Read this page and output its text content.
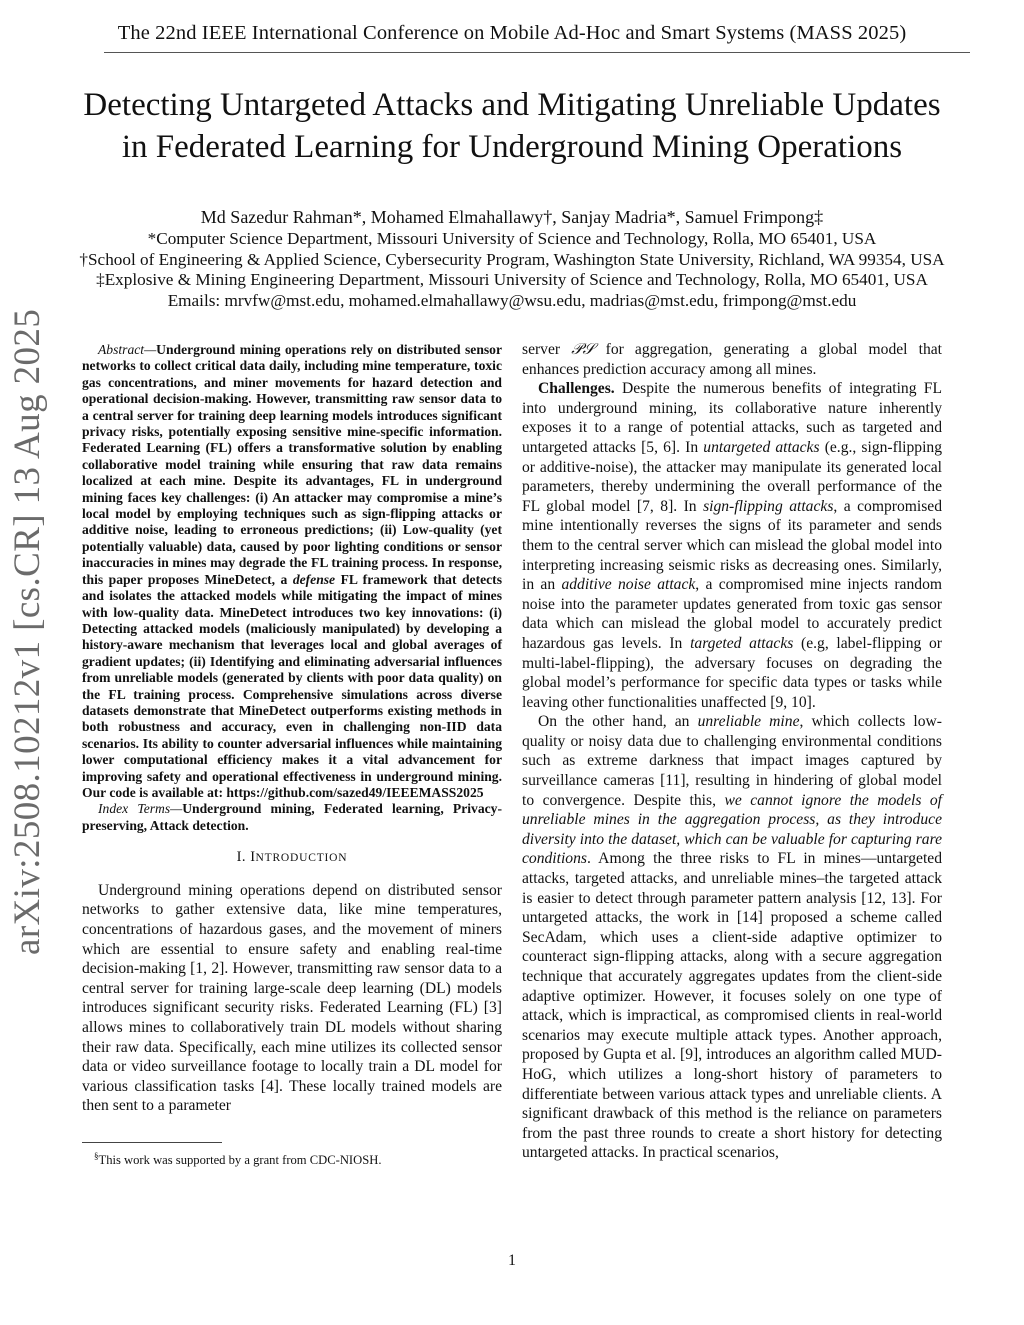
The 22nd IEEE International Conference on Mobile Ad-Hoc and Smart Systems (MASS 2025)
Detecting Untargeted Attacks and Mitigating Unreliable Updates
in Federated Learning for Underground Mining Operations
Md Sazedur Rahman*, Mohamed Elmahallawy†, Sanjay Madria*, Samuel Frimpong‡
*Computer Science Department, Missouri University of Science and Technology, Rolla, MO 65401, USA
†School of Engineering & Applied Science, Cybersecurity Program, Washington State University, Richland, WA 99354, USA
‡Explosive & Mining Engineering Department, Missouri University of Science and Technology, Rolla, MO 65401, USA
Emails: mrvfw@mst.edu, mohamed.elmahallawy@wsu.edu, madrias@mst.edu, frimpong@mst.edu
arXiv:2508.10212v1 [cs.CR] 13 Aug 2025	Abstract—Underground mining operations rely on distributed sensor networks to collect critical data daily, including mine temperature, toxic gas concentrations, and miner movements for hazard detection and operational decision-making. However, transmitting raw sensor data to a central server for training deep learning models introduces significant privacy risks, potentially exposing sensitive mine-specific information. Federated Learning (FL) offers a transformative solution by enabling collaborative model training while ensuring that raw data remains localized at each mine. Despite its advantages, FL in underground mining faces key challenges: (i) An attacker may compromise a mine’s local model by employing techniques such as sign-flipping attacks or additive noise, leading to erroneous predictions; (ii) Low-quality (yet potentially valuable) data, caused by poor lighting conditions or sensor inaccuracies in mines may degrade the FL training process. In response, this paper proposes MineDetect, a defense FL framework that detects and isolates the attacked models while mitigating the impact of mines with low-quality data. MineDetect introduces two key innovations: (i) Detecting attacked models (maliciously manipulated) by developing a history-aware mechanism that leverages local and global averages of gradient updates; (ii) Identifying and eliminating adversarial influences from unreliable models (generated by clients with poor data quality) on the FL training process. Comprehensive simulations across diverse datasets demonstrate that MineDetect outperforms existing methods in both robustness and accuracy, even in challenging non-IID data scenarios. Its ability to counter adversarial influences while maintaining lower computational efficiency makes it a vital advancement for improving safety and operational effectiveness in underground mining. Our code is available at: https://github.com/sazed49/IEEEMASS2025

Index Terms—Underground mining, Federated learning, Privacy-preserving, Attack detection.

I. INTRODUCTION

Underground mining operations depend on distributed sensor networks to gather extensive data, like mine temperatures, concentrations of hazardous gases, and the movement of miners which are essential to ensure safety and enabling real-time decision-making [1, 2]. However, transmitting raw sensor data to a central server for training large-scale deep learning (DL) models introduces significant security risks. Federated Learning (FL) [3] allows mines to collaboratively train DL models without sharing their raw data. Specifically, each mine utilizes its collected sensor data or video surveillance footage to locally train a DL model for various classification tasks [4]. These locally trained models are then sent to a parameter

§This work was supported by a grant from CDC-NIOSH.

server 𝒫𝒮 for aggregation, generating a global model that enhances prediction accuracy among all mines.

Challenges. Despite the numerous benefits of integrating FL into underground mining, its collaborative nature inherently exposes it to a range of potential attacks, such as targeted and untargeted attacks [5, 6]. In untargeted attacks (e.g., sign-flipping or additive-noise), the attacker may manipulate its generated local parameters, thereby undermining the overall performance of the FL global model [7, 8]. In sign-flipping attacks, a compromised mine intentionally reverses the signs of its parameter and sends them to the central server which can mislead the global model into interpreting increasing seismic risks as decreasing ones. Similarly, in an additive noise attack, a compromised mine injects random noise into the parameter updates generated from toxic gas sensor data which can mislead the global model to accurately predict hazardous gas levels. In targeted attacks (e.g, label-flipping or multi-label-flipping), the adversary focuses on degrading the global model’s performance for specific data types or tasks while leaving other functionalities unaffected [9, 10].

On the other hand, an unreliable mine, which collects low-quality or noisy data due to challenging environmental conditions such as extreme darkness that impact images captured by surveillance cameras [11], resulting in hindering of global model to convergence. Despite this, we cannot ignore the models of unreliable mines in the aggregation process, as they introduce diversity into the dataset, which can be valuable for capturing rare conditions. Among the three risks to FL in mines—untargeted attacks, targeted attacks, and unreliable mines–the targeted attack is easier to detect through parameter pattern analysis [12, 13]. For untargeted attacks, the work in [14] proposed a scheme called SecAdam, which uses a client-side adaptive optimizer to counteract sign-flipping attacks, along with a secure aggregation technique that accurately aggregates updates from the client-side adaptive optimizer. However, it focuses solely on one type of attack, which is impractical, as compromised clients in real-world scenarios may execute multiple attack types. Another approach, proposed by Gupta et al. [9], introduces an algorithm called MUD-HoG, which utilizes a long-short history of parameters to differentiate between various attack types and unreliable clients. A significant drawback of this method is the reliance on parameters from the past three rounds to create a short history for detecting untargeted attacks. In practical scenarios,

1
